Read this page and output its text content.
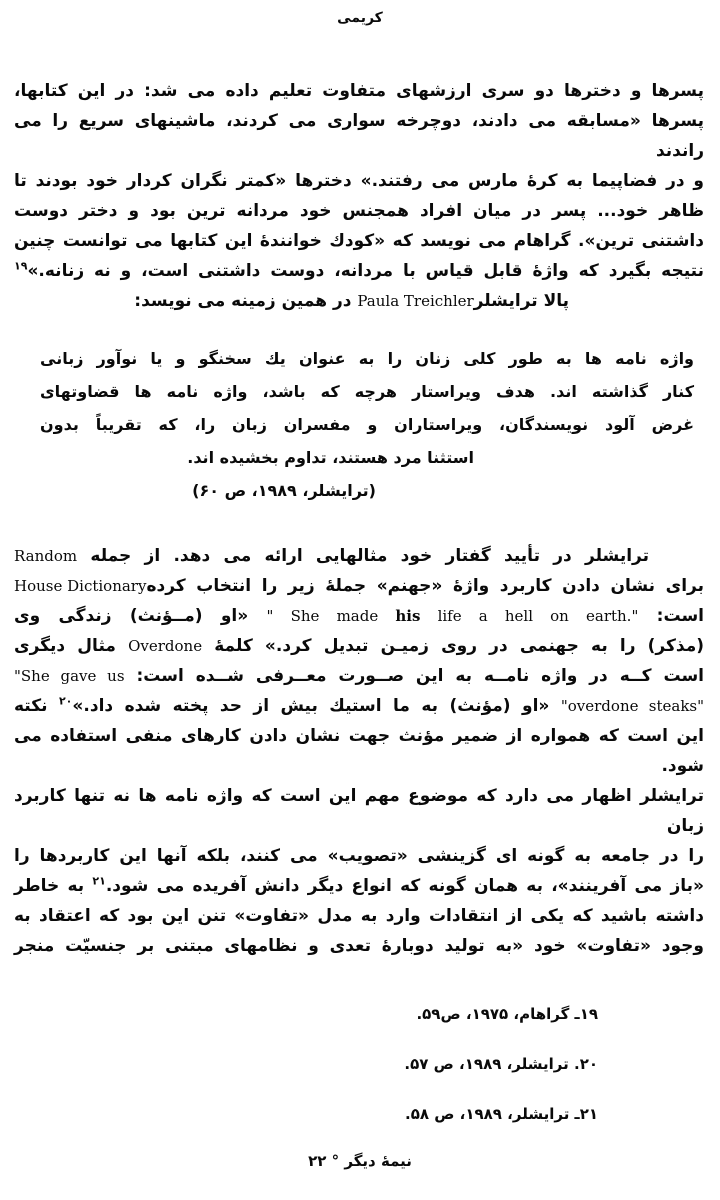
کریمی
پسرها و دخترها دو سری ارزشهای متفاوت تعلیم داده می شد: در این کتابها،
پسرها «مسابقه می دادند، دوچرخه سواری می کردند، ماشینهای سریع را می راندند
و در فضاپیما به کرهٔ مارس می رفتند.» دخترها «کمتر نگران کردار خود بودند تا
ظاهر خود... پسر در میان افراد همجنس خود مردانه ترین بود و دختر دوست
داشتنی ترین». گراهام می نویسد که «کودك خوانندهٔ این کتابها می توانست چنین
نتیجه بگیرد که واژهٔ قابل قیاس با مردانه، دوست داشتنی است، و نه زنانه.»$^{۱۹}$
پالا ترایشلرPaula Treichler در همین زمینه می نویسد:
واژه نامه ها به طور کلی زنان را به عنوان یك سخنگو و یا نوآور زبانی
کنار گذاشته اند. هدف ویراستار هرچه که باشد، واژه نامه ها قضاوتهای
غرض آلود نویسندگان، ویراستاران و مفسران زبان را، که تقریباً بدون
استثنا مرد هستند، تداوم بخشیده اند.
(ترایشلر، ۱۹۸۹، ص ۶۰)
ترایشلر در تأیید گفتار خود مثالهایی ارائه می دهد. از جمله Random
House Dictionary برای نشان دادن کاربرد واژهٔ «جهنم» جملهٔ زیر را انتخاب کرده
است: " She made his life a hell on earth." «او (مــؤنث) زندگی وی
(مذکر) را به جهنمی در روی زمیـن تبدیل کرد.» کلمهٔ Overdone مثال دیگری
است کــه در واژه نامــه به این صــورت معــرفی شــده است: "She gave us
"overdone steaks" «او (مؤنث) به ما استیك بیش از حد پخته شده داد.»$^{۲۰}$ نکته
این است که همواره از ضمیر مؤنث جهت نشان دادن کارهای منفی استفاده می شود.
ترایشلر اظهار می دارد که موضوع مهم این است که واژه نامه ها نه تنها کاربرد زبان
را در جامعه به گونه ای گزینشی «تصویب» می کنند، بلکه آنها این کاربردها را
«باز می آفرینند»، به همان گونه که انواع دیگر دانش آفریده می شود.$^{۲۱}$ به خاطر
داشته باشید که یکی از انتقادات وارد به مدل «تفاوت» تنن این بود که اعتقاد به
وجود «تفاوت» خود «به تولید دوبارهٔ تعدی و نظامهای مبتنی بر جنسیّت منجر
۱۹ـ گراهام، ۱۹۷۵، ص۵۹.
۲۰. ترایشلر، ۱۹۸۹، ص ۵۷.
۲۱ـ ترایشلر، ۱۹۸۹، ص ۵۸.
نیمهٔ دیگر ° ۲۲
